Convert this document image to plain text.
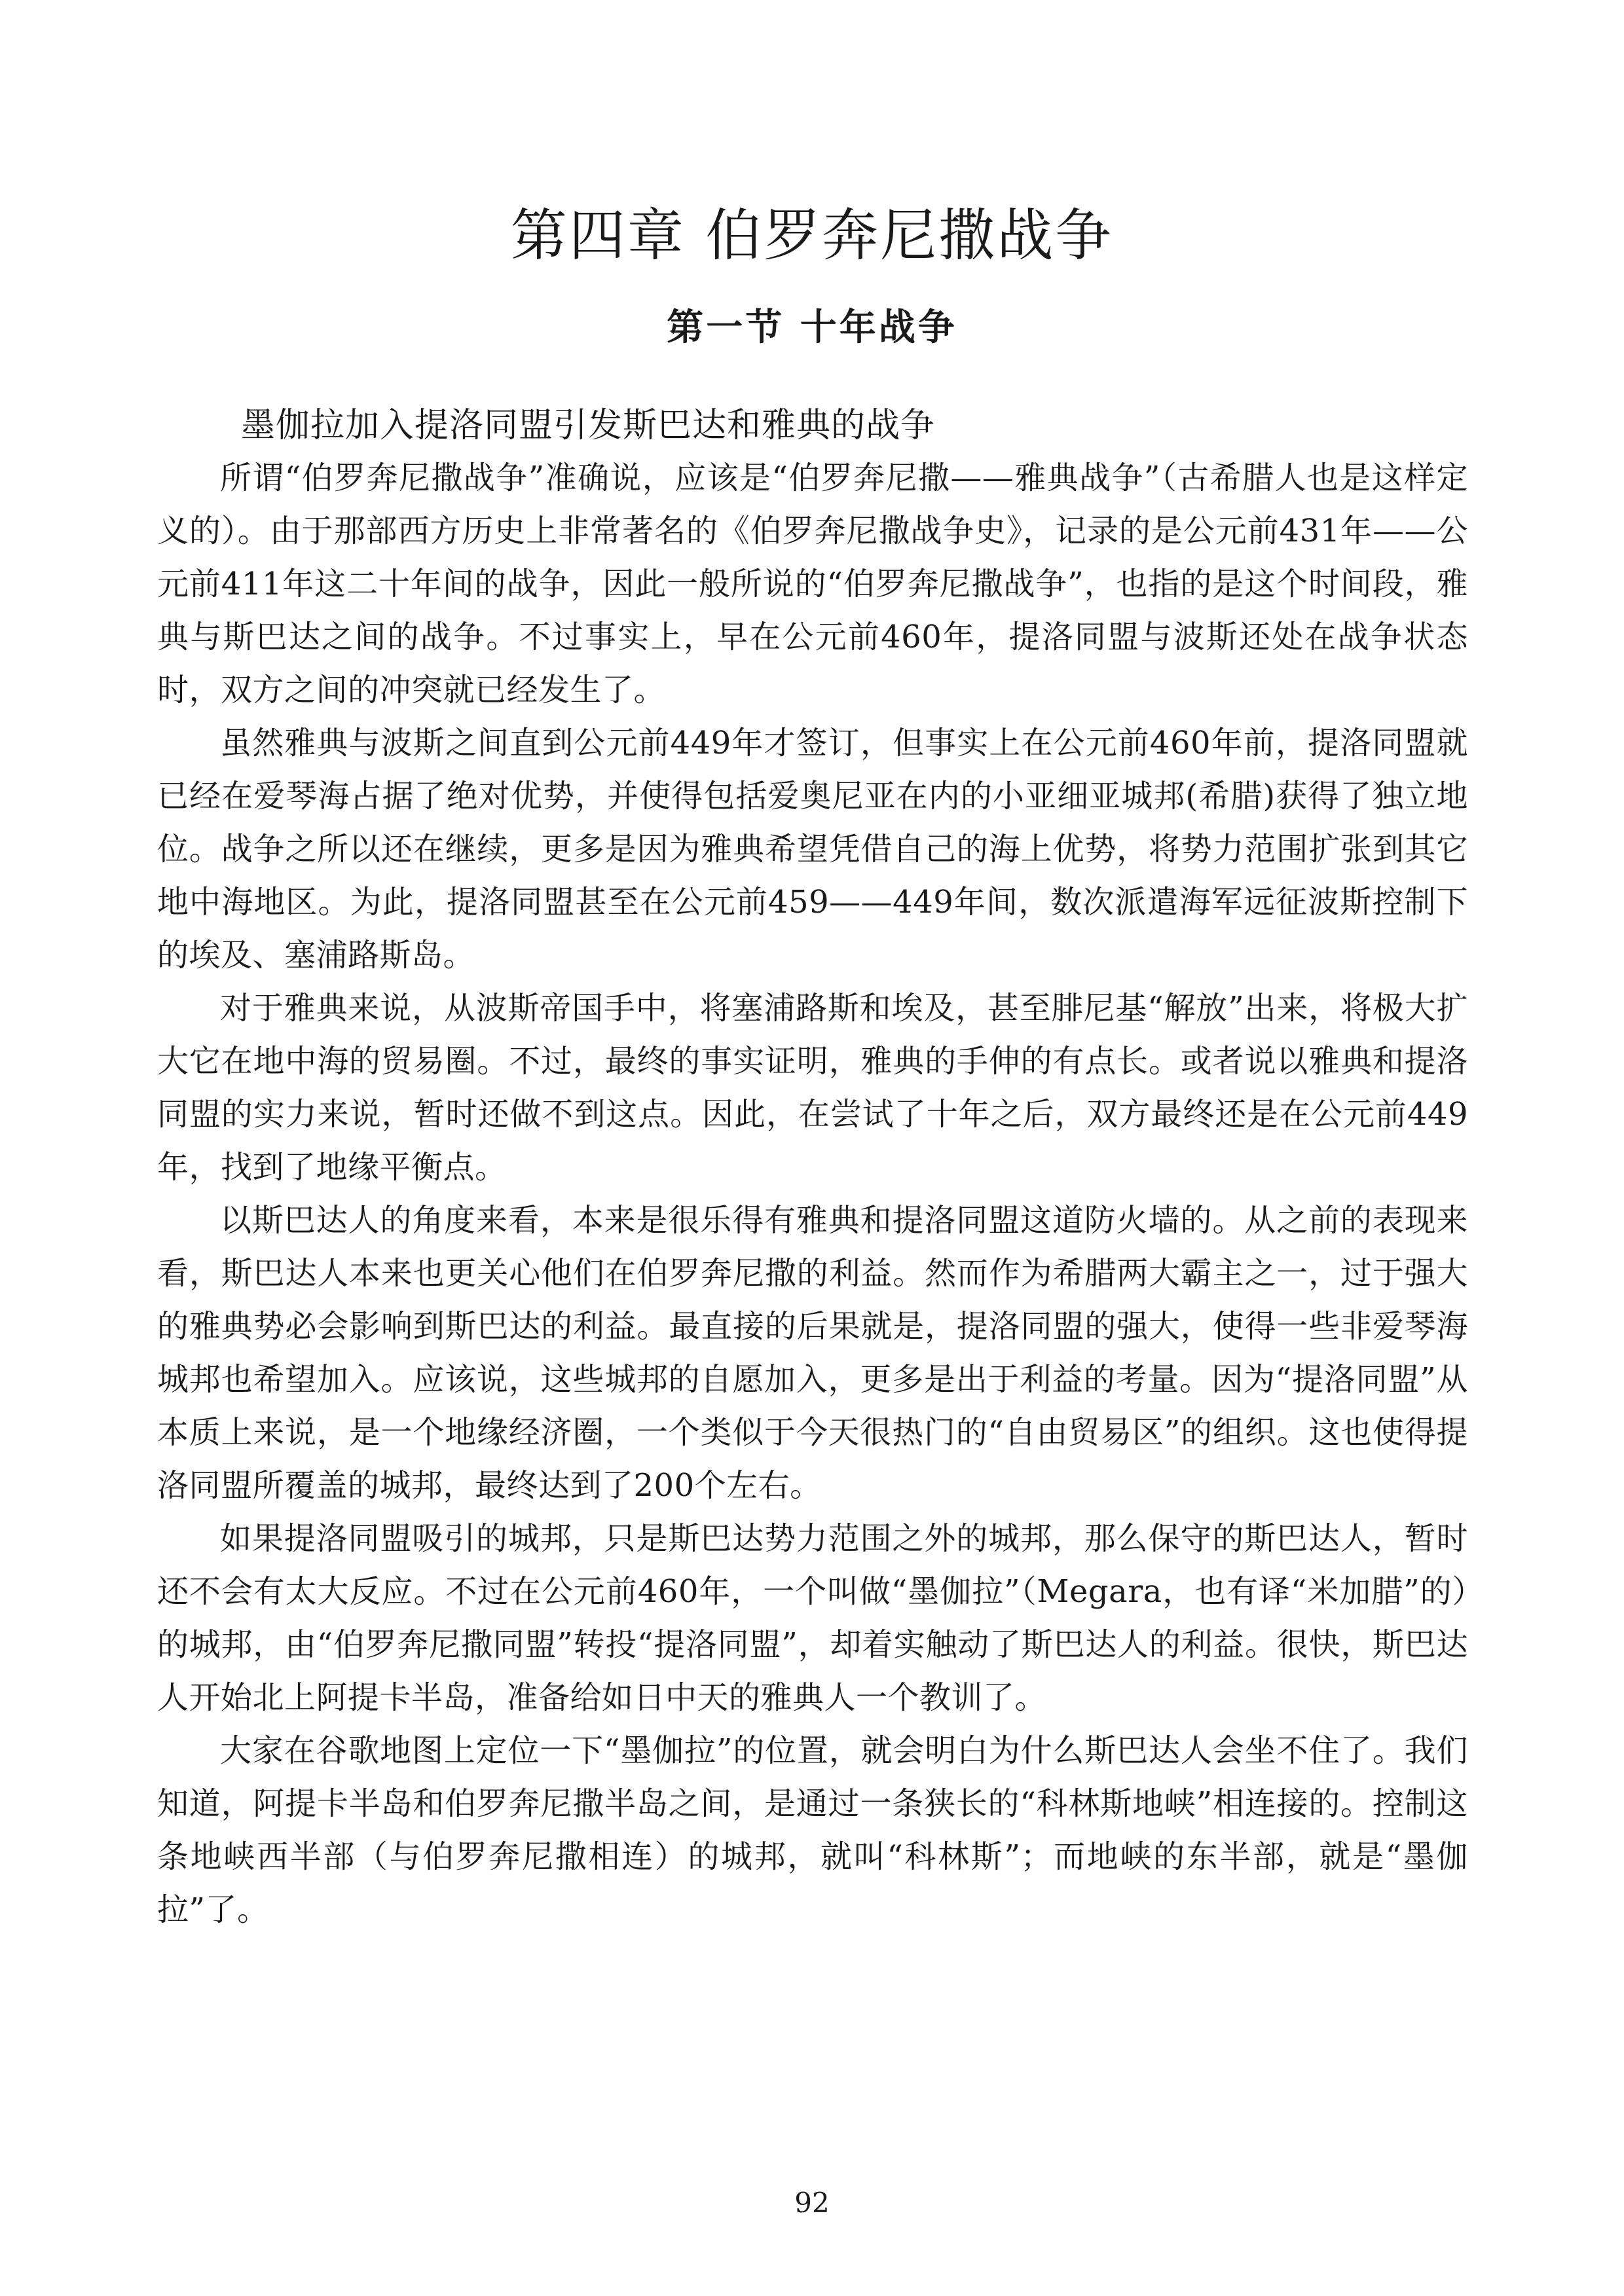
第四章 伯罗奔尼撒战争
第一节 十年战争
墨伽拉加入提洛同盟引发斯巴达和雅典的战争

所谓“伯罗奔尼撒战争”准确说，应该是“伯罗奔尼撒——雅典战争”（古希腊人也是这样定义的）。由于那部西方历史上非常著名的《伯罗奔尼撒战争史》，记录的是公元前431年——公元前411年这二十年间的战争，因此一般所说的“伯罗奔尼撒战争”，也指的是这个时间段，雅典与斯巴达之间的战争。不过事实上，早在公元前460年，提洛同盟与波斯还处在战争状态时，双方之间的冲突就已经发生了。

虽然雅典与波斯之间直到公元前449年才签订，但事实上在公元前460年前，提洛同盟就已经在爱琴海占据了绝对优势，并使得包括爱奥尼亚在内的小亚细亚城邦(希腊)获得了独立地位。战争之所以还在继续，更多是因为雅典希望凭借自己的海上优势，将势力范围扩张到其它地中海地区。为此，提洛同盟甚至在公元前459——449年间，数次派遣海军远征波斯控制下的埃及、塞浦路斯岛。

对于雅典来说，从波斯帝国手中，将塞浦路斯和埃及，甚至腓尼基“解放”出来，将极大扩大它在地中海的贸易圈。不过，最终的事实证明，雅典的手伸的有点长。或者说以雅典和提洛同盟的实力来说，暂时还做不到这点。因此，在尝试了十年之后，双方最终还是在公元前449年，找到了地缘平衡点。

以斯巴达人的角度来看，本来是很乐得有雅典和提洛同盟这道防火墙的。从之前的表现来看，斯巴达人本来也更关心他们在伯罗奔尼撒的利益。然而作为希腊两大霸主之一，过于强大的雅典势必会影响到斯巴达的利益。最直接的后果就是，提洛同盟的强大，使得一些非爱琴海城邦也希望加入。应该说，这些城邦的自愿加入，更多是出于利益的考量。因为“提洛同盟”从本质上来说，是一个地缘经济圈，一个类似于今天很热门的“自由贸易区”的组织。这也使得提洛同盟所覆盖的城邦，最终达到了200个左右。

如果提洛同盟吸引的城邦，只是斯巴达势力范围之外的城邦，那么保守的斯巴达人，暂时还不会有太大反应。不过在公元前460年，一个叫做“墨伽拉”（Megara，也有译“米加腊”的）的城邦，由“伯罗奔尼撒同盟”转投“提洛同盟”，却着实触动了斯巴达人的利益。很快，斯巴达人开始北上阿提卡半岛，准备给如日中天的雅典人一个教训了。

大家在谷歌地图上定位一下“墨伽拉”的位置，就会明白为什么斯巴达人会坐不住了。我们知道，阿提卡半岛和伯罗奔尼撒半岛之间，是通过一条狭长的“科林斯地峡”相连接的。控制这条地峡西半部（与伯罗奔尼撒相连）的城邦，就叫“科林斯”；而地峡的东半部，就是“墨伽拉”了。

92
